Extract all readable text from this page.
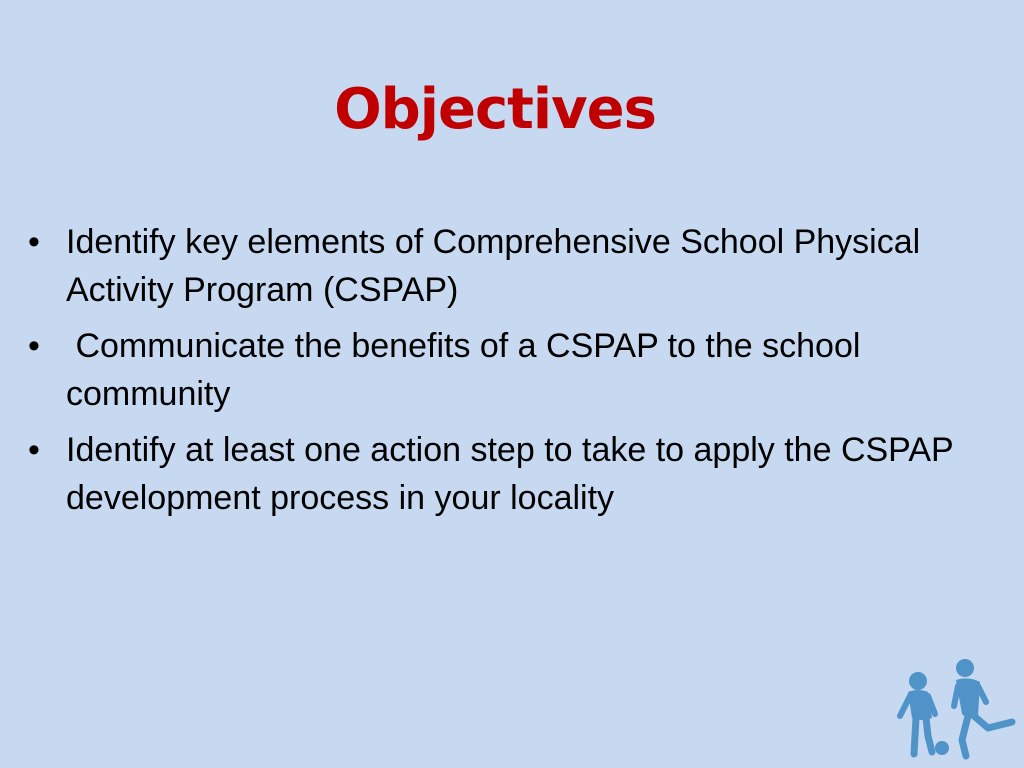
Objectives
• Identify key elements of Comprehensive School Physical Activity Program (CSPAP)
• Communicate the benefits of a CSPAP to the school community
• Identify at least one action step to take to apply the CSPAP development process in your locality
